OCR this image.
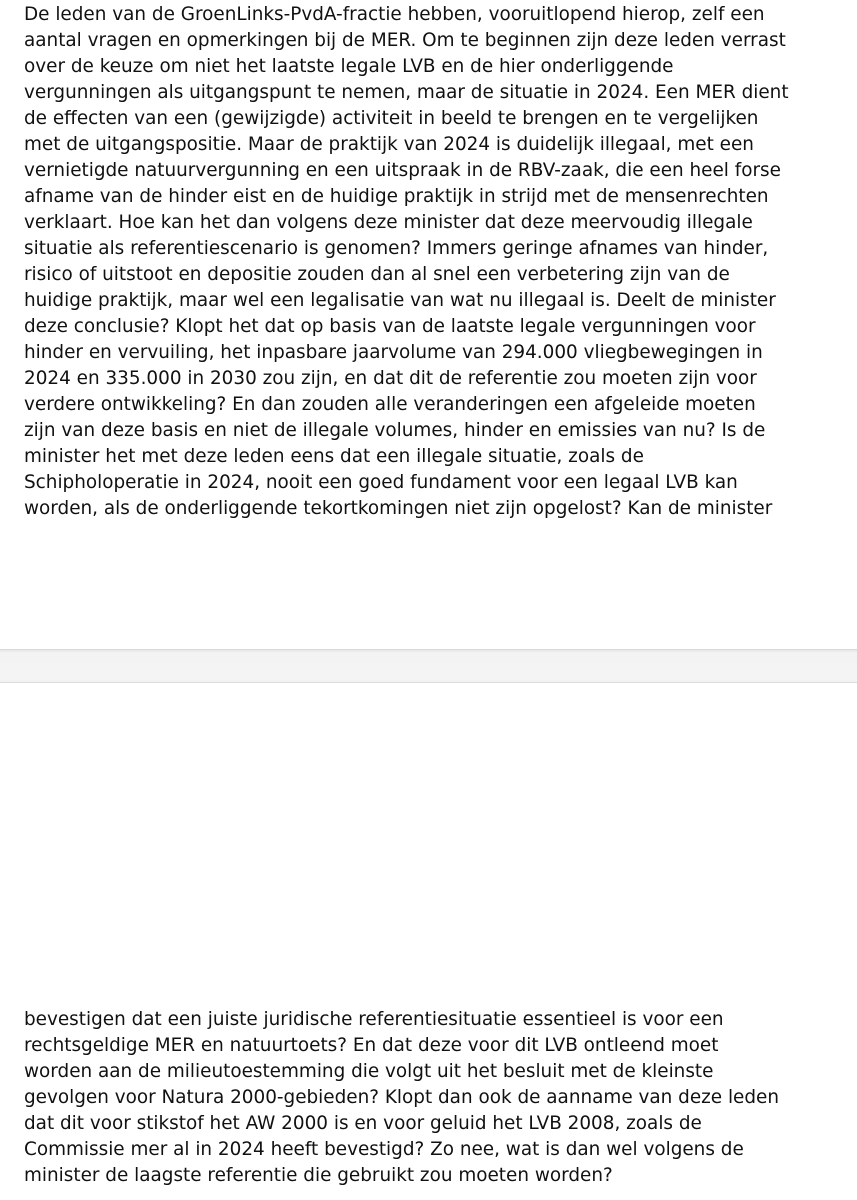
De leden van de GroenLinks-PvdA-fractie hebben, vooruitlopend hierop, zelf een

aantal vragen en opmerkingen bij de MER. Om te beginnen zijn deze leden verrast

over de keuze om niet het laatste legale LVB en de hier onderliggende

vergunningen als uitgangspunt te nemen, maar de situatie in 2024. Een MER dient

de effecten van een (gewijzigde) activiteit in beeld te brengen en te vergelijken

met de uitgangspositie. Maar de praktijk van 2024 is duidelijk illegaal, met een

vernietigde natuurvergunning en een uitspraak in de RBV-zaak, die een heel forse

afname van de hinder eist en de huidige praktijk in strijd met de mensenrechten

verklaart. Hoe kan het dan volgens deze minister dat deze meervoudig illegale

situatie als referentiescenario is genomen? Immers geringe afnames van hinder,

risico of uitstoot en depositie zouden dan al snel een verbetering zijn van de

huidige praktijk, maar wel een legalisatie van wat nu illegaal is. Deelt de minister

deze conclusie? Klopt het dat op basis van de laatste legale vergunningen voor

hinder en vervuiling, het inpasbare jaarvolume van 294.000 vliegbewegingen in

2024 en 335.000 in 2030 zou zijn, en dat dit de referentie zou moeten zijn voor

verdere ontwikkeling? En dan zouden alle veranderingen een afgeleide moeten

zijn van deze basis en niet de illegale volumes, hinder en emissies van nu? Is de

minister het met deze leden eens dat een illegale situatie, zoals de

Schipholoperatie in 2024, nooit een goed fundament voor een legaal LVB kan

worden, als de onderliggende tekortkomingen niet zijn opgelost? Kan de minister

bevestigen dat een juiste juridische referentiesituatie essentieel is voor een

rechtsgeldige MER en natuurtoets? En dat deze voor dit LVB ontleend moet

worden aan de milieutoestemming die volgt uit het besluit met de kleinste

gevolgen voor Natura 2000-gebieden? Klopt dan ook de aanname van deze leden

dat dit voor stikstof het AW 2000 is en voor geluid het LVB 2008, zoals de

Commissie mer al in 2024 heeft bevestigd? Zo nee, wat is dan wel volgens de

minister de laagste referentie die gebruikt zou moeten worden?
